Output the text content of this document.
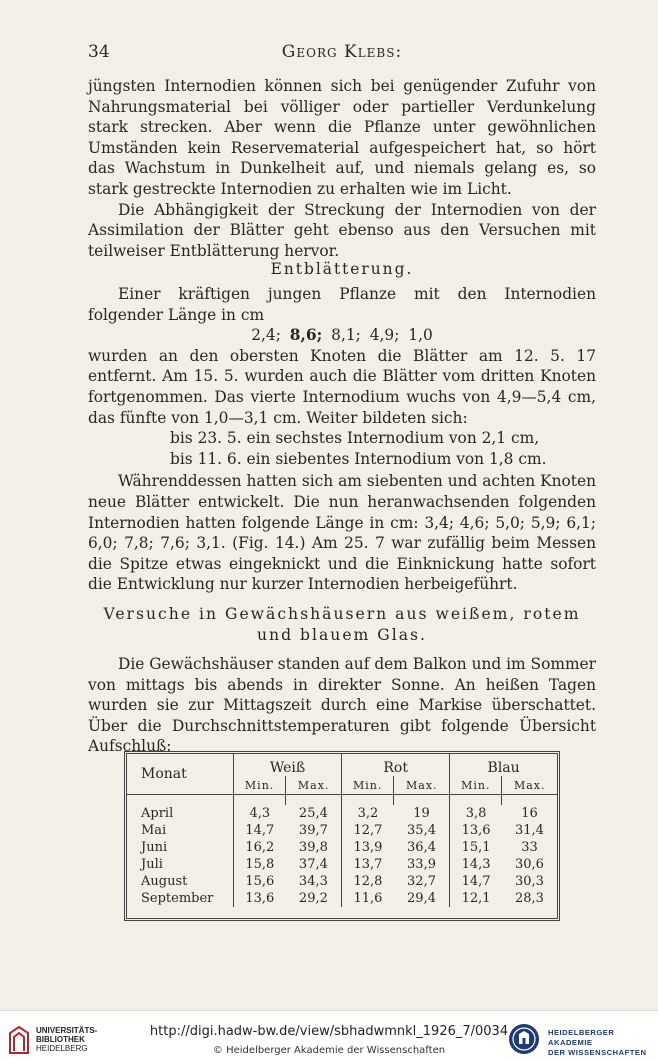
34	Georg Klebs:

jüngsten Internodien können sich bei genügender Zufuhr von Nahrungsmaterial bei völliger oder partieller Verdunkelung stark strecken. Aber wenn die Pflanze unter gewöhnlichen Umständen kein Reservematerial aufgespeichert hat, so hört das Wachstum in Dunkelheit auf, und niemals gelang es, so stark gestreckte Internodien zu erhalten wie im Licht.

Die Abhängigkeit der Streckung der Internodien von der Assimilation der Blätter geht ebenso aus den Versuchen mit teilweiser Entblätterung hervor.

Entblätterung.

Einer kräftigen jungen Pflanze mit den Internodien folgender Länge in cm

2,4; 8,6; 8,1; 4,9; 1,0

wurden an den obersten Knoten die Blätter am 12. 5. 17 entfernt. Am 15. 5. wurden auch die Blätter vom dritten Knoten fortgenommen. Das vierte Internodium wuchs von 4,9—5,4 cm, das fünfte von 1,0—3,1 cm. Weiter bildeten sich:

bis 23. 5. ein sechstes Internodium von 2,1 cm,

bis 11. 6. ein siebentes Internodium von 1,8 cm.

Währenddessen hatten sich am siebenten und achten Knoten neue Blätter entwickelt. Die nun heranwachsenden folgenden Internodien hatten folgende Länge in cm: 3,4; 4,6; 5,0; 5,9; 6,1; 6,0; 7,8; 7,6; 3,1. (Fig. 14.) Am 25. 7 war zufällig beim Messen die Spitze etwas eingeknickt und die Einknickung hatte sofort die Entwicklung nur kurzer Internodien herbeigeführt.

Versuche in Gewächshäusern aus weißem, rotem
und blauem Glas.

Die Gewächshäuser standen auf dem Balkon und im Sommer von mittags bis abends in direkter Sonne. An heißen Tagen wurden sie zur Mittagszeit durch eine Markise überschattet. Über die Durchschnittstemperaturen gibt folgende Übersicht Aufschluß:

Monat	Weiß		Rot		Blau	
	Min.	Max.	Min.	Max.	Min.	Max.

April	4,3	25,4	3,2	19	3,8	16
Mai	14,7	39,7	12,7	35,4	13,6	31,4
Juni	16,2	39,8	13,9	36,4	15,1	33
Juli	15,8	37,4	13,7	33,9	14,3	30,6
August	15,6	34,3	12,8	32,7	14,7	30,3
September	13,6	29,2	11,6	29,4	12,1	28,3
UNIVERSITÄTS-
BIBLIOTHEK
HEIDELBERG
http://digi.hadw-bw.de/view/sbhadwmnkl_1926_7/0034
© Heidelberger Akademie der Wissenschaften
HEIDELBERGER AKADEMIE
DER WISSENSCHAFTEN
